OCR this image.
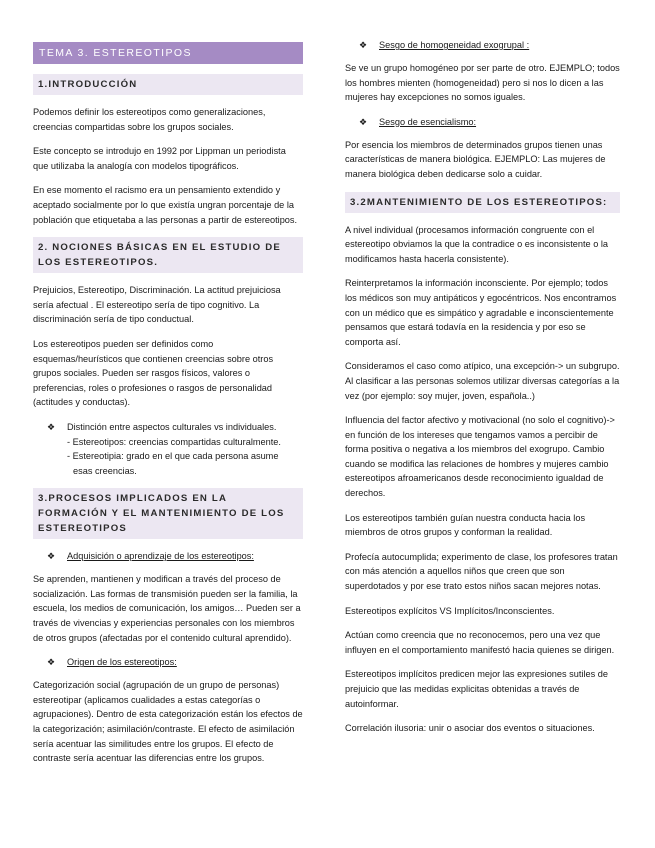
TEMA 3. ESTEREOTIPOS
1.INTRODUCCIÓN

Podemos definir los estereotipos como generalizaciones, creencias compartidas sobre los grupos sociales.

Este concepto se introdujo en 1992 por Lippman un periodista que utilizaba la analogía con modelos tipográficos.

En ese momento el racismo era un pensamiento extendido y aceptado socialmente por lo que existía ungran porcentaje de la población que etiquetaba a las personas a partir de estereotipos.

2. NOCIONES BÁSICAS EN EL ESTUDIO DE LOS ESTEREOTIPOS.

Prejuicios, Estereotipo, Discriminación. La actitud prejuiciosa sería afectual . El estereotipo sería de tipo cognitivo. La discriminación sería de tipo conductual.

Los estereotipos pueden ser definidos como esquemas/heurísticos que contienen creencias sobre otros grupos sociales. Pueden ser rasgos físicos, valores o preferencias, roles o profesiones o rasgos de personalidad (actitudes y conductas).

❖	Distinción entre aspectos culturales vs individuales.
- Estereotipos: creencias compartidas culturalmente.
- Estereotipia: grado en el que cada persona asume
esas creencias.
3.PROCESOS IMPLICADOS EN LA FORMACIÓN Y EL MANTENIMIENTO DE LOS ESTEREOTIPOS
❖	Adquisición o aprendizaje de los estereotipos:

Se aprenden, mantienen y modifican a través del proceso de socialización. Las formas de transmisión pueden ser la familia, la escuela, los medios de comunicación, los amigos… Pueden ser a través de vivencias y experiencias personales con los miembros de otros grupos (afectadas por el contenido cultural aprendido).

❖	Origen de los estereotipos:

Categorización social (agrupación de un grupo de personas) estereotipar (aplicamos cualidades a estas categorías o agrupaciones). Dentro de esta categorización están los efectos de la categorización; asimilación/contraste. El efecto de asimilación sería acentuar las similitudes entre los grupos. El efecto de contraste sería acentuar las diferencias entre los grupos.

❖	Sesgo de homogeneidad exogrupal :

Se ve un grupo homogéneo por ser parte de otro. EJEMPLO; todos los hombres mienten (homogeneidad) pero si nos lo dicen a las mujeres hay excepciones no somos iguales.

❖	Sesgo de esencialismo:

Por esencia los miembros de determinados grupos tienen unas características de manera biológica. EJEMPLO: Las mujeres de manera biológica deben dedicarse solo a cuidar.

3.2MANTENIMIENTO DE LOS ESTEREOTIPOS:

A nivel individual (procesamos información congruente con el estereotipo obviamos la que la contradice o es inconsistente o la modificamos hasta hacerla consistente).

Reinterpretamos la información inconsciente. Por ejemplo; todos los médicos son muy antipáticos y egocéntricos. Nos encontramos con un médico que es simpático y agradable e inconscientemente pensamos que estará todavía en la residencia y por eso se comporta así.

Consideramos el caso como atípico, una excepción-> un subgrupo. Al clasificar a las personas solemos utilizar diversas categorías a la vez (por ejemplo: soy mujer, joven, española..)

Influencia del factor afectivo y motivacional (no solo el cognitivo)-> en función de los intereses que tengamos vamos a percibir de forma positiva o negativa a los miembros del exogrupo. Cambio cuando se modifica las relaciones de hombres y mujeres cambio estereotipos afroamericanos desde reconocimiento igualdad de derechos.

Los estereotipos también guían nuestra conducta hacia los miembros de otros grupos y conforman la realidad.

Profecía autocumplida; experimento de clase, los profesores tratan con más atención a aquellos niños que creen que son superdotados y por ese trato estos niños sacan mejores notas.

Estereotipos explícitos VS Implícitos/Inconscientes.

Actúan como creencia que no reconocemos, pero una vez que influyen en el comportamiento manifestó hacia quienes se dirigen.

Estereotipos implícitos predicen mejor las expresiones sutiles de prejuicio que las medidas explicitas obtenidas a través de autoinformar.

Correlación ilusoria: unir o asociar dos eventos o situaciones.
